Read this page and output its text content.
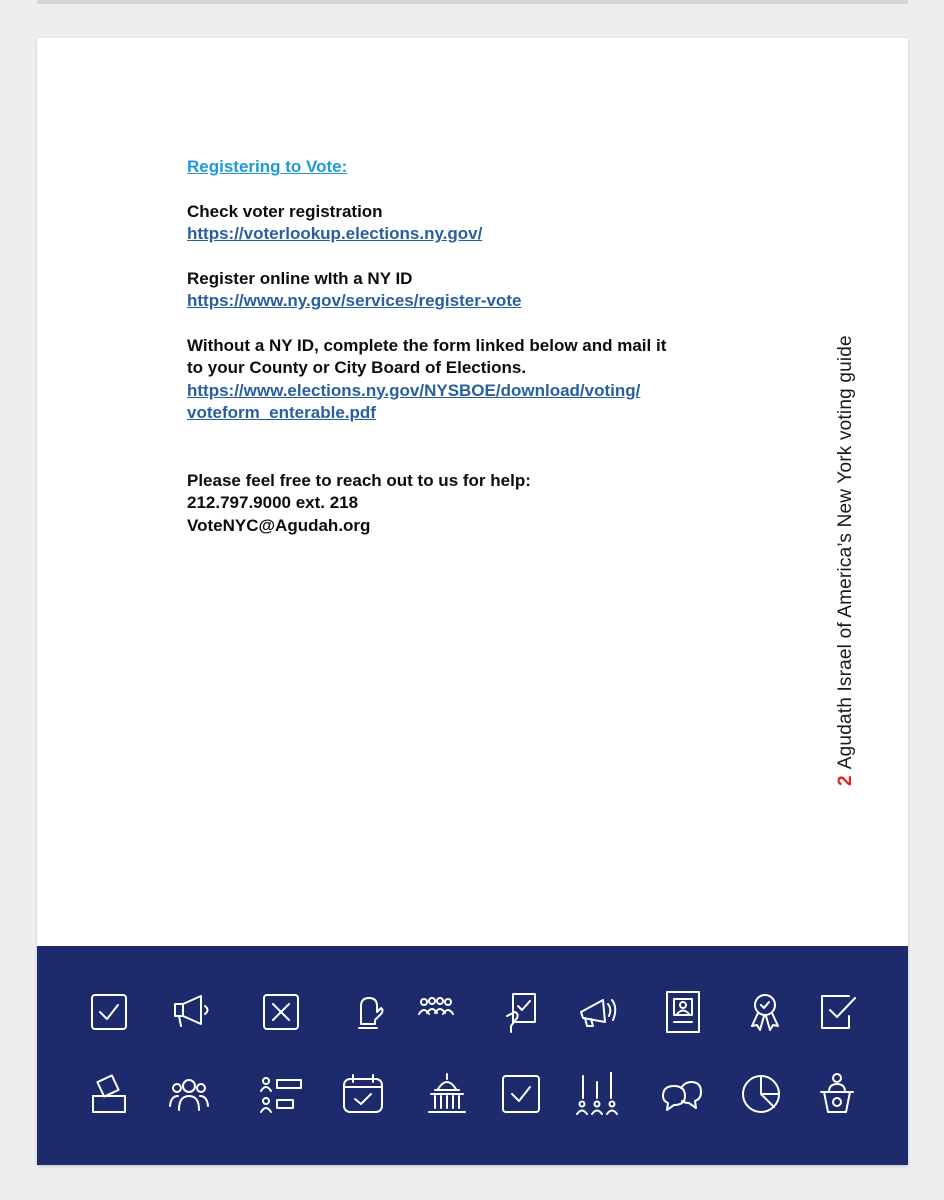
Registering to Vote:
Check voter registration
https://voterlookup.elections.ny.gov/
Register online wIth a NY ID
https://www.ny.gov/services/register-vote
Without a NY ID, complete the form linked below and mail it
to your County or City Board of Elections.
https://www.elections.ny.gov/NYSBOE/download/voting/
voteform_enterable.pdf
Please feel free to reach out to us for help:
212.797.9000 ext. 218
VoteNYC@Agudah.org
2Agudath Israel of America’s New York voting guide
